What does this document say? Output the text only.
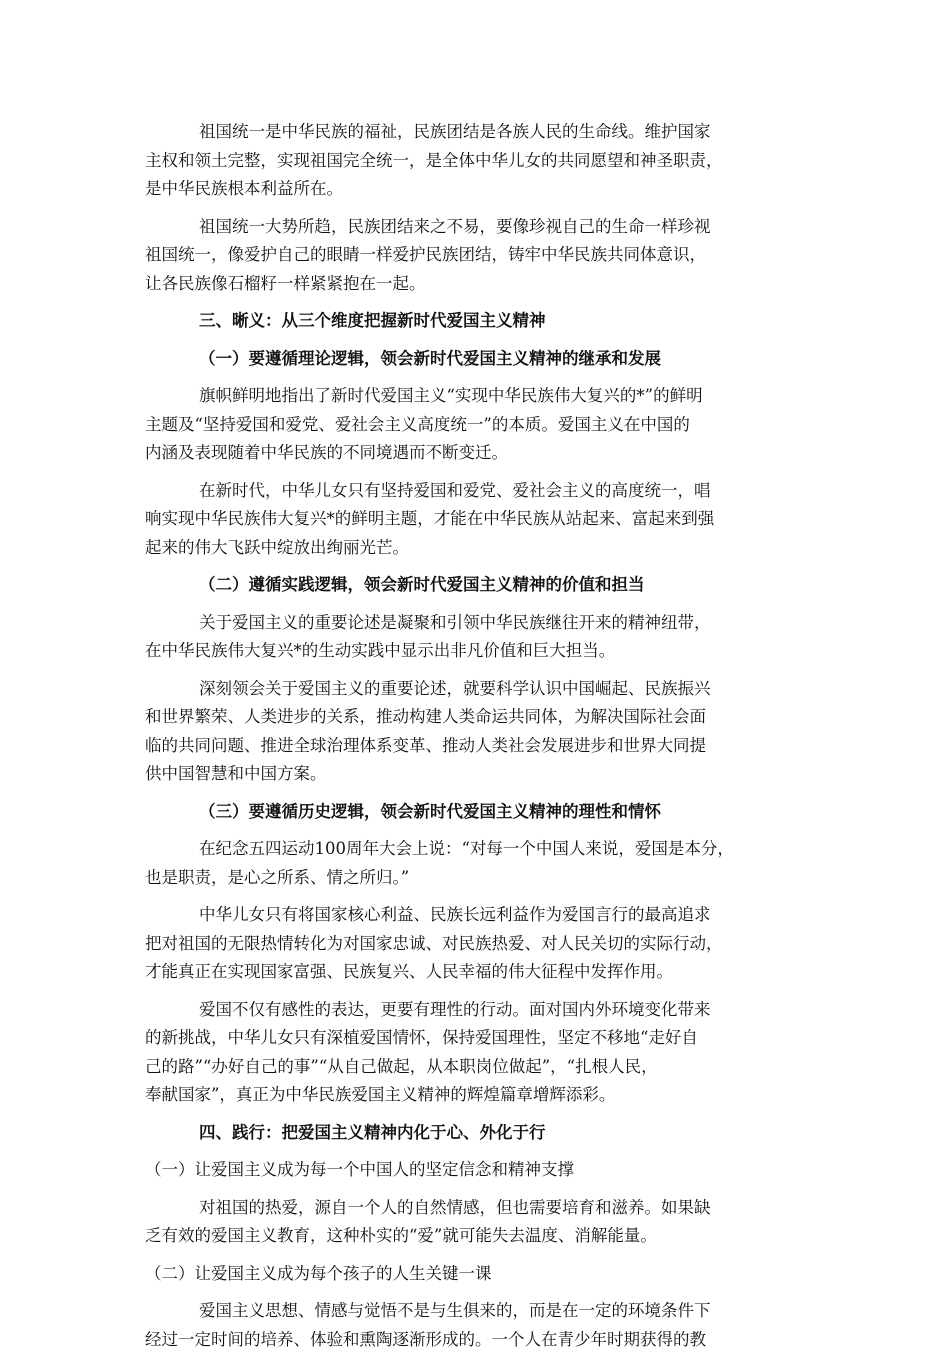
祖国统一是中华民族的福祉，民族团结是各族人民的生命线。维护国家
主权和领土完整，实现祖国完全统一，是全体中华儿女的共同愿望和神圣职责，
是中华民族根本利益所在。
祖国统一大势所趋，民族团结来之不易，要像珍视自己的生命一样珍视
祖国统一，像爱护自己的眼睛一样爱护民族团结，铸牢中华民族共同体意识，
让各民族像石榴籽一样紧紧抱在一起。
三、晰义：从三个维度把握新时代爱国主义精神
（一）要遵循理论逻辑，领会新时代爱国主义精神的继承和发展
旗帜鲜明地指出了新时代爱国主义“实现中华民族伟大复兴的*”的鲜明
主题及“坚持爱国和爱党、爱社会主义高度统一”的本质。爱国主义在中国的
内涵及表现随着中华民族的不同境遇而不断变迁。
在新时代，中华儿女只有坚持爱国和爱党、爱社会主义的高度统一，唱
响实现中华民族伟大复兴*的鲜明主题，才能在中华民族从站起来、富起来到强
起来的伟大飞跃中绽放出绚丽光芒。
（二）遵循实践逻辑，领会新时代爱国主义精神的价值和担当
关于爱国主义的重要论述是凝聚和引领中华民族继往开来的精神纽带，
在中华民族伟大复兴*的生动实践中显示出非凡价值和巨大担当。
深刻领会关于爱国主义的重要论述，就要科学认识中国崛起、民族振兴
和世界繁荣、人类进步的关系，推动构建人类命运共同体，为解决国际社会面
临的共同问题、推进全球治理体系变革、推动人类社会发展进步和世界大同提
供中国智慧和中国方案。
（三）要遵循历史逻辑，领会新时代爱国主义精神的理性和情怀
在纪念五四运动100周年大会上说：“对每一个中国人来说，爱国是本分，
也是职责，是心之所系、情之所归。”
中华儿女只有将国家核心利益、民族长远利益作为爱国言行的最高追求
把对祖国的无限热情转化为对国家忠诚、对民族热爱、对人民关切的实际行动，
才能真正在实现国家富强、民族复兴、人民幸福的伟大征程中发挥作用。
爱国不仅有感性的表达，更要有理性的行动。面对国内外环境变化带来
的新挑战，中华儿女只有深植爱国情怀，保持爱国理性，坚定不移地“走好自
己的路”“办好自己的事”“从自己做起，从本职岗位做起”，“扎根人民，
奉献国家”，真正为中华民族爱国主义精神的辉煌篇章增辉添彩。
四、践行：把爱国主义精神内化于心、外化于行
（一）让爱国主义成为每一个中国人的坚定信念和精神支撑
对祖国的热爱，源自一个人的自然情感，但也需要培育和滋养。如果缺
乏有效的爱国主义教育，这种朴实的“爱”就可能失去温度、消解能量。
（二）让爱国主义成为每个孩子的人生关键一课
爱国主义思想、情感与觉悟不是与生俱来的，而是在一定的环境条件下
经过一定时间的培养、体验和熏陶逐渐形成的。一个人在青少年时期获得的教
